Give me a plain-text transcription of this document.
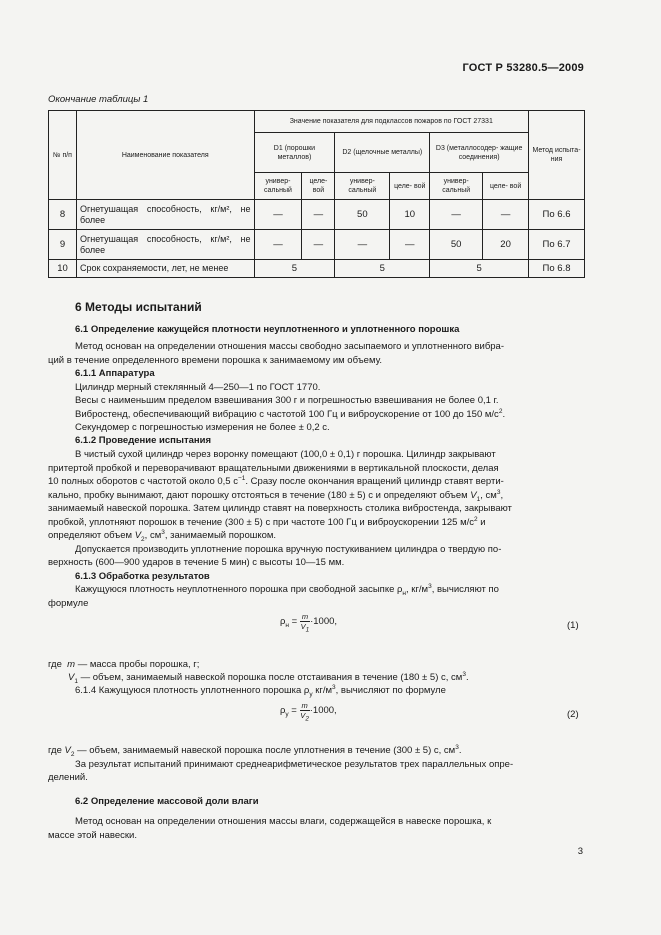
ГОСТ Р 53280.5—2009
Окончание таблицы 1
№ п/п	Наименование показателя	Значение показателя для подклассов пожаров по ГОСТ 27331						Метод испыта- ния
		D1 (порошки металлов)		D2 (щелочные металлы)		D3 (металлосодер- жащие соединения)		
		универ- сальный	целе- вой	универ- сальный	целе- вой	универ- сальный	целе- вой	
8	Огнетушащая способность, кг/м², не более	—	—	50	10	—	—	По 6.6
9	Огнетушащая способность, кг/м², не более	—	—	—	—	50	20	По 6.7
10	Срок сохраняемости, лет, не менее	5		5		5		По 6.8
6 Методы испытаний
6.1 Определение кажущейся плотности неуплотненного и уплотненного порошка
Метод основан на определении отношения массы свободно засыпаемого и уплотненного вибра-
ций в течение определенного времени порошка к занимаемому им объему.
6.1.1 Аппаратура
Цилиндр мерный стеклянный 4—250—1 по ГОСТ 1770.
Весы с наименьшим пределом взвешивания 300 г и погрешностью взвешивания не более 0,1 г.
Вибростенд, обеспечивающий вибрацию с частотой 100 Гц и виброускорение от 100 до 150 $м/с^2$.
Секундомер с погрешностью измерения не более ± 0,2 с.
6.1.2 Проведение испытания
В чистый сухой цилиндр через воронку помещают (100,0 ± 0,1) г порошка. Цилиндр закрывают
притертой пробкой и переворачивают вращательными движениями в вертикальной плоскости, делая
10 полных оборотов с частотой около 0,5 $с^{-1}$. Сразу после окончания вращений цилиндр ставят верти-
кально, пробку вынимают, дают порошку отстояться в течение (180 ± 5) с и определяют объем $V_1$, $см^3$,
занимаемый навеской порошка. Затем цилиндр ставят на поверхность столика вибростенда, закрывают
пробкой, уплотняют порошок в течение (300 ± 5) с при частоте 100 Гц и виброускорении 125 $м/с^2$ и
определяют объем $V_2$, $см^3$, занимаемый порошком.
Допускается производить уплотнение порошка вручную постукиванием цилиндра о твердую по-
верхность (600—900 ударов в течение 5 мин) с высоты 10—15 мм.
6.1.3 Обработка результатов
Кажущуюся плотность неуплотненного порошка при свободной засыпке $\rho_н$, $кг/м^3$, вычисляют по
формуле
$\rho_н = \frac{m}{V_1} \cdot 1000$,	(1)
где m — масса пробы порошка, г;
$V_1$ — объем, занимаемый навеской порошка после отстаивания в течение (180 ± 5) с, $см^3$.
6.1.4 Кажущуюся плотность уплотненного порошка $\rho_у$ $кг/м^3$, вычисляют по формуле
$\rho_у = \frac{m}{V_2} \cdot 1000$,	(2)
где $V_2$ — объем, занимаемый навеской порошка после уплотнения в течение (300 ± 5) с, $см^3$.
За результат испытаний принимают среднеарифметическое результатов трех параллельных опре-
делений.
6.2 Определение массовой доли влаги
Метод основан на определении отношения массы влаги, содержащейся в навеске порошка, к
массе этой навески.
3
